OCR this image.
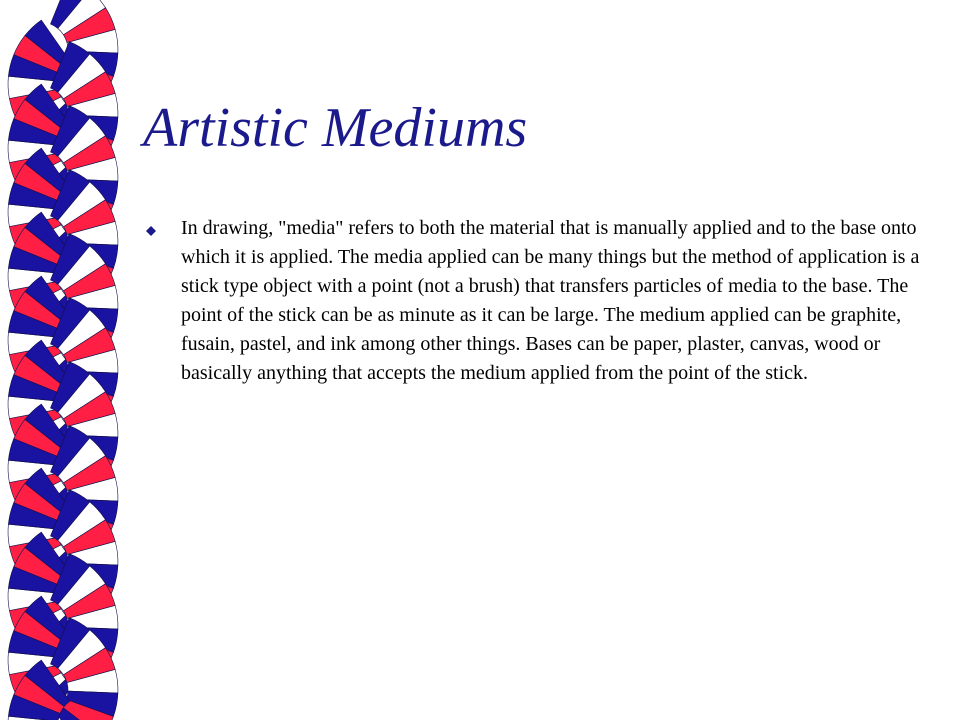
Artistic Mediums
In drawing, "media" refers to both the material that is manually applied and to the base onto which it is applied. The media applied can be many things but the method of application is a stick type object with a point (not a brush) that transfers particles of media to the base. The point of the stick can be as minute as it can be large. The medium applied can be graphite, fusain, pastel, and ink among other things. Bases can be paper, plaster, canvas, wood or basically anything that accepts the medium applied from the point of the stick.
